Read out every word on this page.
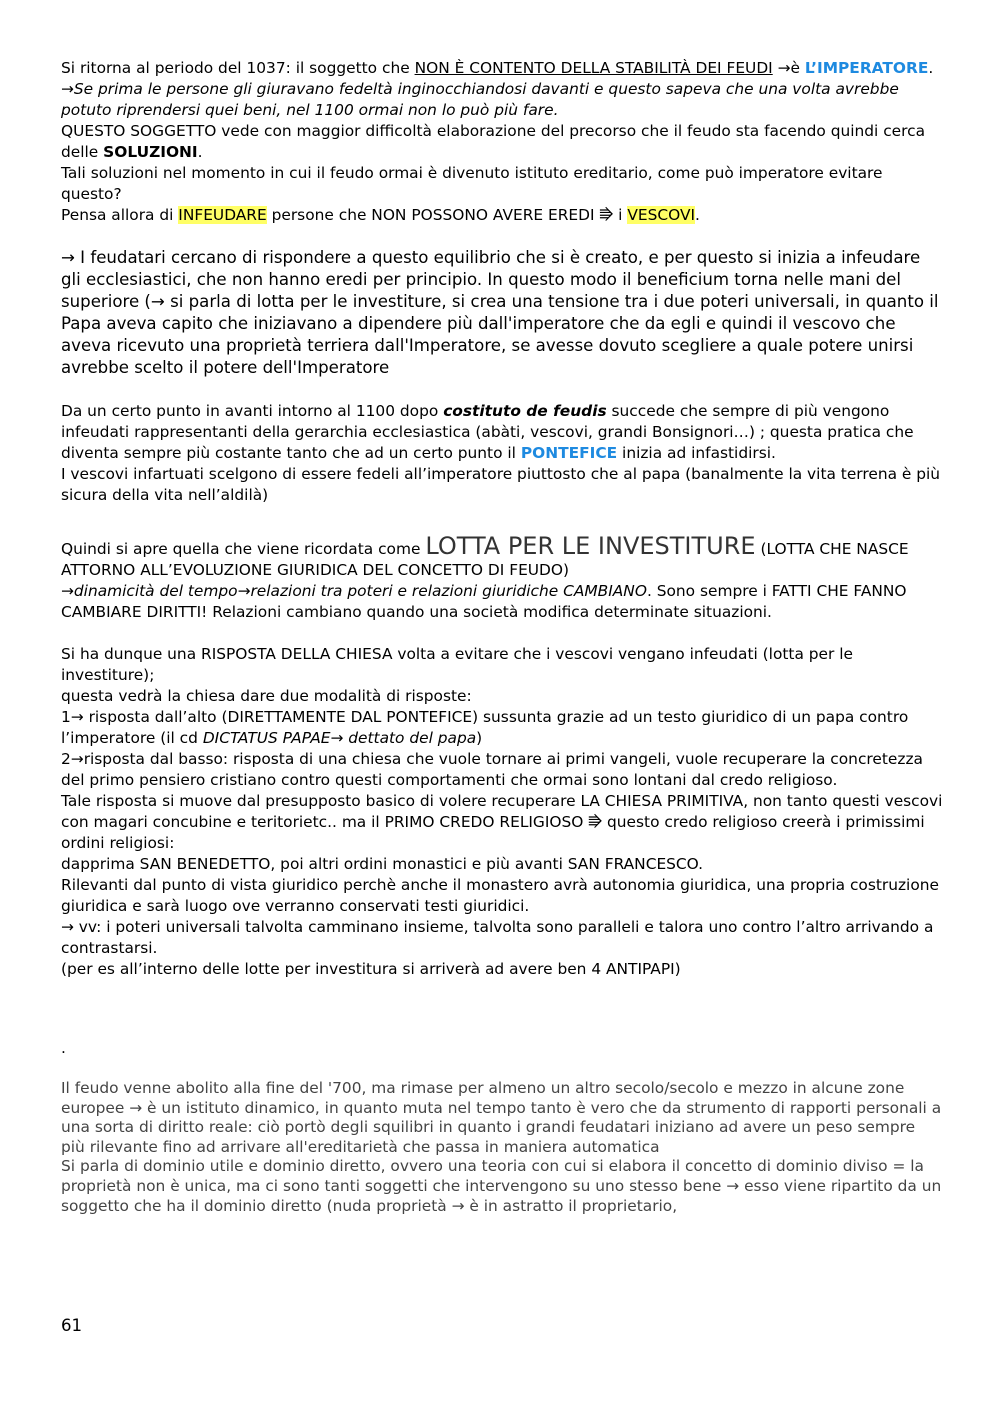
Si ritorna al periodo del 1037: il soggetto che NON È CONTENTO DELLA STABILITÀ DEI FEUDI →è L’IMPERATORE.

→Se prima le persone gli giuravano fedeltà inginocchiandosi davanti e questo sapeva che una volta avrebbe potuto riprendersi quei beni, nel 1100 ormai non lo può più fare.

QUESTO SOGGETTO vede con maggior difficoltà elaborazione del precorso che il feudo sta facendo quindi cerca delle SOLUZIONI.

Tali soluzioni nel momento in cui il feudo ormai è divenuto istituto ereditario, come può imperatore evitare questo?

Pensa allora di INFEUDARE persone che NON POSSONO AVERE EREDI ⭆ i VESCOVI.

→ I feudatari cercano di rispondere a questo equilibrio che si è creato, e per questo si inizia a infeudare gli ecclesiastici, che non hanno eredi per principio. In questo modo il beneficium torna nelle mani del superiore (→ si parla di lotta per le investiture, si crea una tensione tra i due poteri universali, in quanto il Papa aveva capito che iniziavano a dipendere più dall'imperatore che da egli e quindi il vescovo che aveva ricevuto una proprietà terriera dall'Imperatore, se avesse dovuto scegliere a quale potere unirsi avrebbe scelto il potere dell'Imperatore

Da un certo punto in avanti intorno al 1100 dopo costituto de feudis succede che sempre di più vengono infeudati rappresentanti della gerarchia ecclesiastica (abàti, vescovi, grandi Bonsignori…) ; questa pratica che diventa sempre più costante tanto che ad un certo punto il PONTEFICE inizia ad infastidirsi.

I vescovi infartuati scelgono di essere fedeli all’imperatore piuttosto che al papa (banalmente la vita terrena è più sicura della vita nell’aldilà)

Quindi si apre quella che viene ricordata come LOTTA PER LE INVESTITURE (LOTTA CHE NASCE ATTORNO ALL’EVOLUZIONE GIURIDICA DEL CONCETTO DI FEUDO)

→dinamicità del tempo→relazioni tra poteri e relazioni giuridiche CAMBIANO. Sono sempre i FATTI CHE FANNO CAMBIARE DIRITTI! Relazioni cambiano quando una società modifica determinate situazioni.

Si ha dunque una RISPOSTA DELLA CHIESA volta a evitare che i vescovi vengano infeudati (lotta per le investiture);

questa vedrà la chiesa dare due modalità di risposte:

1→ risposta dall’alto (DIRETTAMENTE DAL PONTEFICE) sussunta grazie ad un testo giuridico di un papa contro l’imperatore (il cd DICTATUS PAPAE→ dettato del papa)

2→risposta dal basso: risposta di una chiesa che vuole tornare ai primi vangeli, vuole recuperare la concretezza del primo pensiero cristiano contro questi comportamenti che ormai sono lontani dal credo religioso.

Tale risposta si muove dal presupposto basico di volere recuperare LA CHIESA PRIMITIVA, non tanto questi vescovi con magari concubine e teritorietc.. ma il PRIMO CREDO RELIGIOSO ⭆ questo credo religioso creerà i primissimi ordini religiosi:

dapprima SAN BENEDETTO, poi altri ordini monastici e più avanti SAN FRANCESCO.

Rilevanti dal punto di vista giuridico perchè anche il monastero avrà autonomia giuridica, una propria costruzione giuridica e sarà luogo ove verranno conservati testi giuridici.

→ vv: i poteri universali talvolta camminano insieme, talvolta sono paralleli e talora uno contro l’altro arrivando a contrastarsi.

(per es all’interno delle lotte per investitura si arriverà ad avere ben 4 ANTIPAPI)

.

Il feudo venne abolito alla fine del '700, ma rimase per almeno un altro secolo/secolo e mezzo in alcune zone europee → è un istituto dinamico, in quanto muta nel tempo tanto è vero che da strumento di rapporti personali a una sorta di diritto reale: ciò portò degli squilibri in quanto i grandi feudatari iniziano ad avere un peso sempre più rilevante fino ad arrivare all'ereditarietà che passa in maniera automatica

Si parla di dominio utile e dominio diretto, ovvero una teoria con cui si elabora il concetto di dominio diviso = la proprietà non è unica, ma ci sono tanti soggetti che intervengono su uno stesso bene → esso viene ripartito da un soggetto che ha il dominio diretto (nuda proprietà → è in astratto il proprietario,

61
